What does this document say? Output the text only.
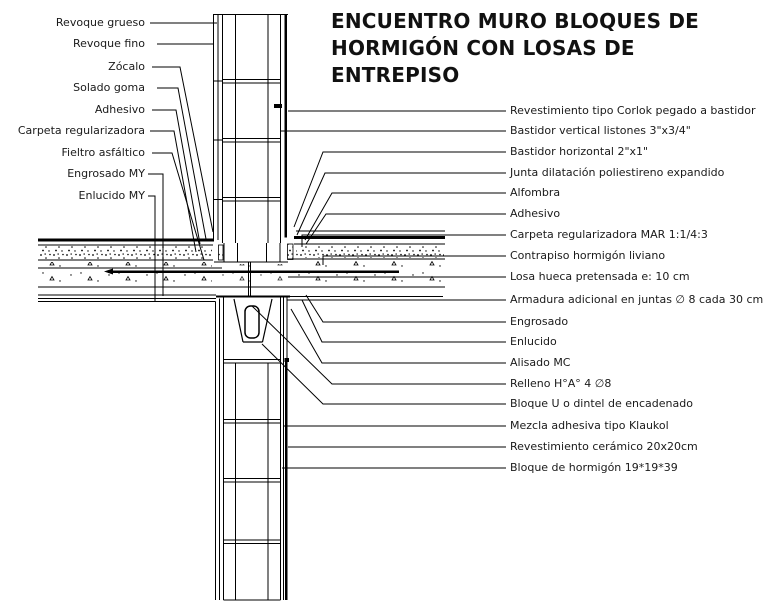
ENCUENTRO MURO BLOQUES DE
HORMIGÓN CON LOSAS DE
ENTREPISO
Revoque grueso
Revoque fino
Zócalo
Solado goma
Adhesivo
Carpeta regularizadora
Fieltro asfáltico
Engrosado MY
Enlucido MY
Revestimiento tipo Corlok pegado a bastidor
Bastidor vertical listones 3"x3/4"
Bastidor horizontal 2"x1"
Junta dilatación poliestireno expandido
Alfombra
Adhesivo
Carpeta regularizadora MAR 1:1/4:3
Contrapiso hormigón liviano
Losa hueca pretensada e: 10 cm
Armadura adicional en juntas ∅ 8 cada 30 cm
Engrosado
Enlucido
Alisado MC
Relleno H°A° 4 ∅8
Bloque U o dintel de encadenado
Mezcla adhesiva tipo Klaukol
Revestimiento cerámico 20x20cm
Bloque de hormigón 19*19*39
